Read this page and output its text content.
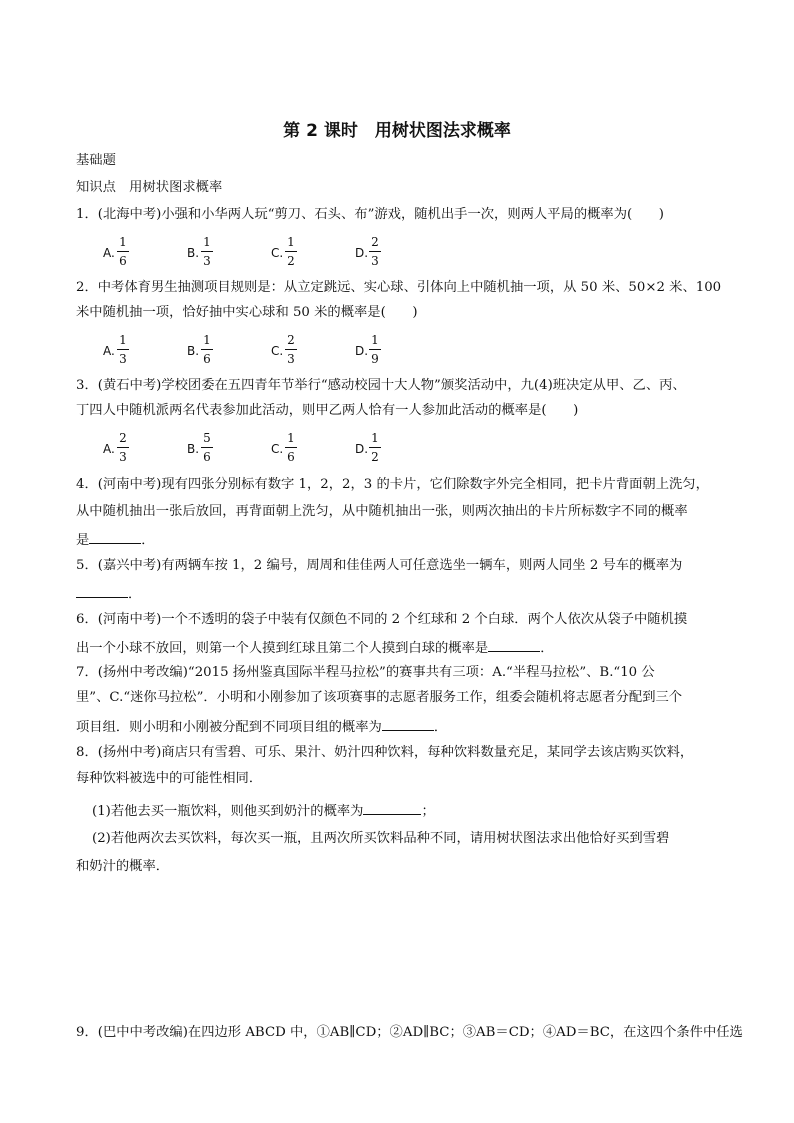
第 2 课时　用树状图法求概率
基础题
知识点　用树状图求概率
1．(北海中考)小强和小华两人玩“剪刀、石头、布”游戏，随机出手一次，则两人平局的概率为(　　)
A.
1
6
B.
1
3
C.
1
2
D.
2
3
2．中考体育男生抽测项目规则是：从立定跳远、实心球、引体向上中随机抽一项，从 50 米、50×2 米、100
米中随机抽一项，恰好抽中实心球和 50 米的概率是(　　)
A.
1
3
B.
1
6
C.
2
3
D.
1
9
3．(黄石中考)学校团委在五四青年节举行“感动校园十大人物”颁奖活动中，九(4)班决定从甲、乙、丙、
丁四人中随机派两名代表参加此活动，则甲乙两人恰有一人参加此活动的概率是(　　)
A.
2
3
B.
5
6
C.
1
6
D.
1
2
4．(河南中考)现有四张分别标有数字 1，2，2，3 的卡片，它们除数字外完全相同，把卡片背面朝上洗匀，
从中随机抽出一张后放回，再背面朝上洗匀，从中随机抽出一张，则两次抽出的卡片所标数字不同的概率
是	．
5．(嘉兴中考)有两辆车按 1，2 编号，周周和佳佳两人可任意选坐一辆车，则两人同坐 2 号车的概率为
．
6．(河南中考)一个不透明的袋子中装有仅颜色不同的 2 个红球和 2 个白球．两个人依次从袋子中随机摸
出一个小球不放回，则第一个人摸到红球且第二个人摸到白球的概率是	．
7．(扬州中考改编)“2015 扬州鉴真国际半程马拉松”的赛事共有三项：A.“半程马拉松”、B.“10 公
里”、C.“迷你马拉松”．小明和小刚参加了该项赛事的志愿者服务工作，组委会随机将志愿者分配到三个
项目组．则小明和小刚被分配到不同项目组的概率为	．
8．(扬州中考)商店只有雪碧、可乐、果汁、奶汁四种饮料，每种饮料数量充足，某同学去该店购买饮料，
每种饮料被选中的可能性相同．
(1)若他去买一瓶饮料，则他买到奶汁的概率为	；
(2)若他两次去买饮料，每次买一瓶，且两次所买饮料品种不同，请用树状图法求出他恰好买到雪碧
和奶汁的概率．
9．(巴中中考改编)在四边形 ABCD 中，①AB∥CD；②AD∥BC；③AB＝CD；④AD＝BC，在这四个条件中任选
